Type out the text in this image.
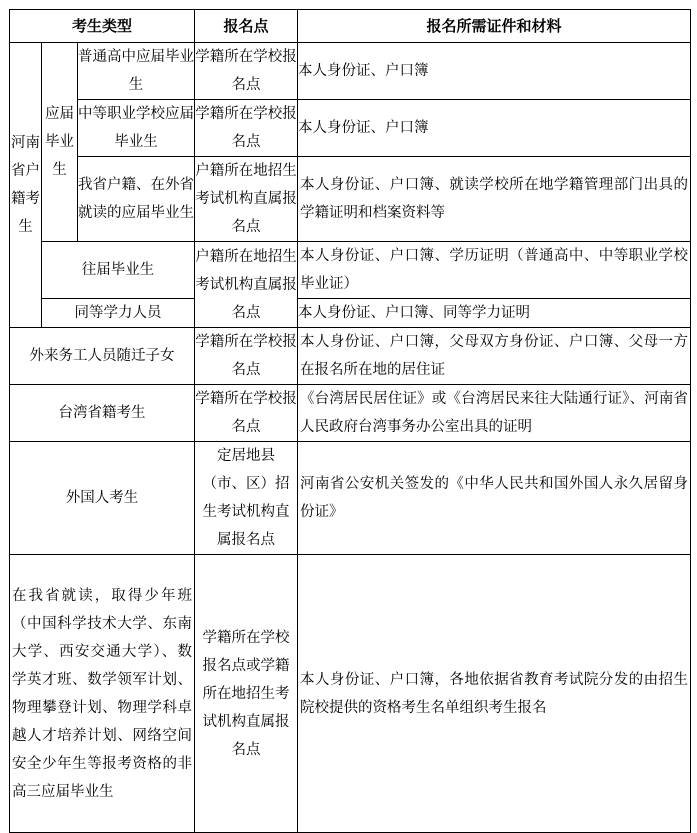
考生类型			报名点	报名所需证件和材料
河南省户籍考生	应届毕业生	普通高中应届毕业生	学籍所在学校报名点	本人身份证、户口簿
		中等职业学校应届毕业生	学籍所在学校报名点	本人身份证、户口簿
		我省户籍、在外省就读的应届毕业生	户籍所在地招生考试机构直属报名点	本人身份证、户口簿、就读学校所在地学籍管理部门出具的学籍证明和档案资料等
	往届毕业生		户籍所在地招生考试机构直属报名点	本人身份证、户口簿、学历证明（普通高中、中等职业学校毕业证）
	同等学力人员			本人身份证、户口簿、同等学力证明
外来务工人员随迁子女			学籍所在学校报名点	本人身份证、户口簿，父母双方身份证、户口簿、父母一方在报名所在地的居住证
台湾省籍考生			学籍所在学校报名点	《台湾居民居住证》或《台湾居民来往大陆通行证》、河南省人民政府台湾事务办公室出具的证明
外国人考生			定居地县（市、区）招生考试机构直属报名点	河南省公安机关签发的《中华人民共和国外国人永久居留身份证》
在我省就读，取得少年班（中国科学技术大学、东南大学、西安交通大学）、数学英才班、数学领军计划、物理攀登计划、物理学科卓越人才培养计划、网络空间安全少年生等报考资格的非高三应届毕业生			学籍所在学校报名点或学籍所在地招生考试机构直属报名点	本人身份证、户口簿，各地依据省教育考试院分发的由招生院校提供的资格考生名单组织考生报名
